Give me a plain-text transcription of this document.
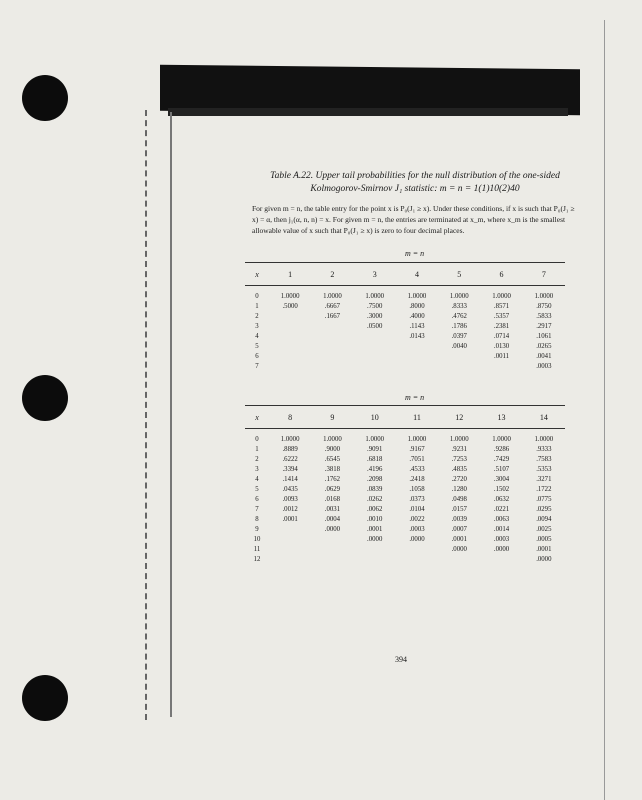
Table A.22. Upper tail probabilities for the null distribution of the one-sided Kolmogorov-Smirnov J₁ statistic: m = n = 1(1)10(2)40
For given m = n, the table entry for the point x is P₀(J₁ ≥ x). Under these conditions, if x is such that P₀(J₁ ≥ x) = α, then j₁(α, n, n) = x. For given m = n, the entries are terminated at x_m, where x_m is the smallest allowable value of x such that P₀(J₁ ≥ x) is zero to four decimal places.
m = n
x	1	2	3	4	5	6	7
0	1.0000	1.0000	1.0000	1.0000	1.0000	1.0000	1.0000
1	.5000	.6667	.7500	.8000	.8333	.8571	.8750
2		.1667	.3000	.4000	.4762	.5357	.5833
3			.0500	.1143	.1786	.2381	.2917
4				.0143	.0397	.0714	.1061
5					.0040	.0130	.0265
6						.0011	.0041
7							.0003
m = n
x	8	9	10	11	12	13	14
0	1.0000	1.0000	1.0000	1.0000	1.0000	1.0000	1.0000
1	.8889	.9000	.9091	.9167	.9231	.9286	.9333
2	.6222	.6545	.6818	.7051	.7253	.7429	.7583
3	.3394	.3818	.4196	.4533	.4835	.5107	.5353
4	.1414	.1762	.2098	.2418	.2720	.3004	.3271
5	.0435	.0629	.0839	.1058	.1280	.1502	.1722
6	.0093	.0168	.0262	.0373	.0498	.0632	.0775
7	.0012	.0031	.0062	.0104	.0157	.0221	.0295
8	.0001	.0004	.0010	.0022	.0039	.0063	.0094
9		.0000	.0001	.0003	.0007	.0014	.0025
10			.0000	.0000	.0001	.0003	.0005
11					.0000	.0000	.0001
12							.0000
394
